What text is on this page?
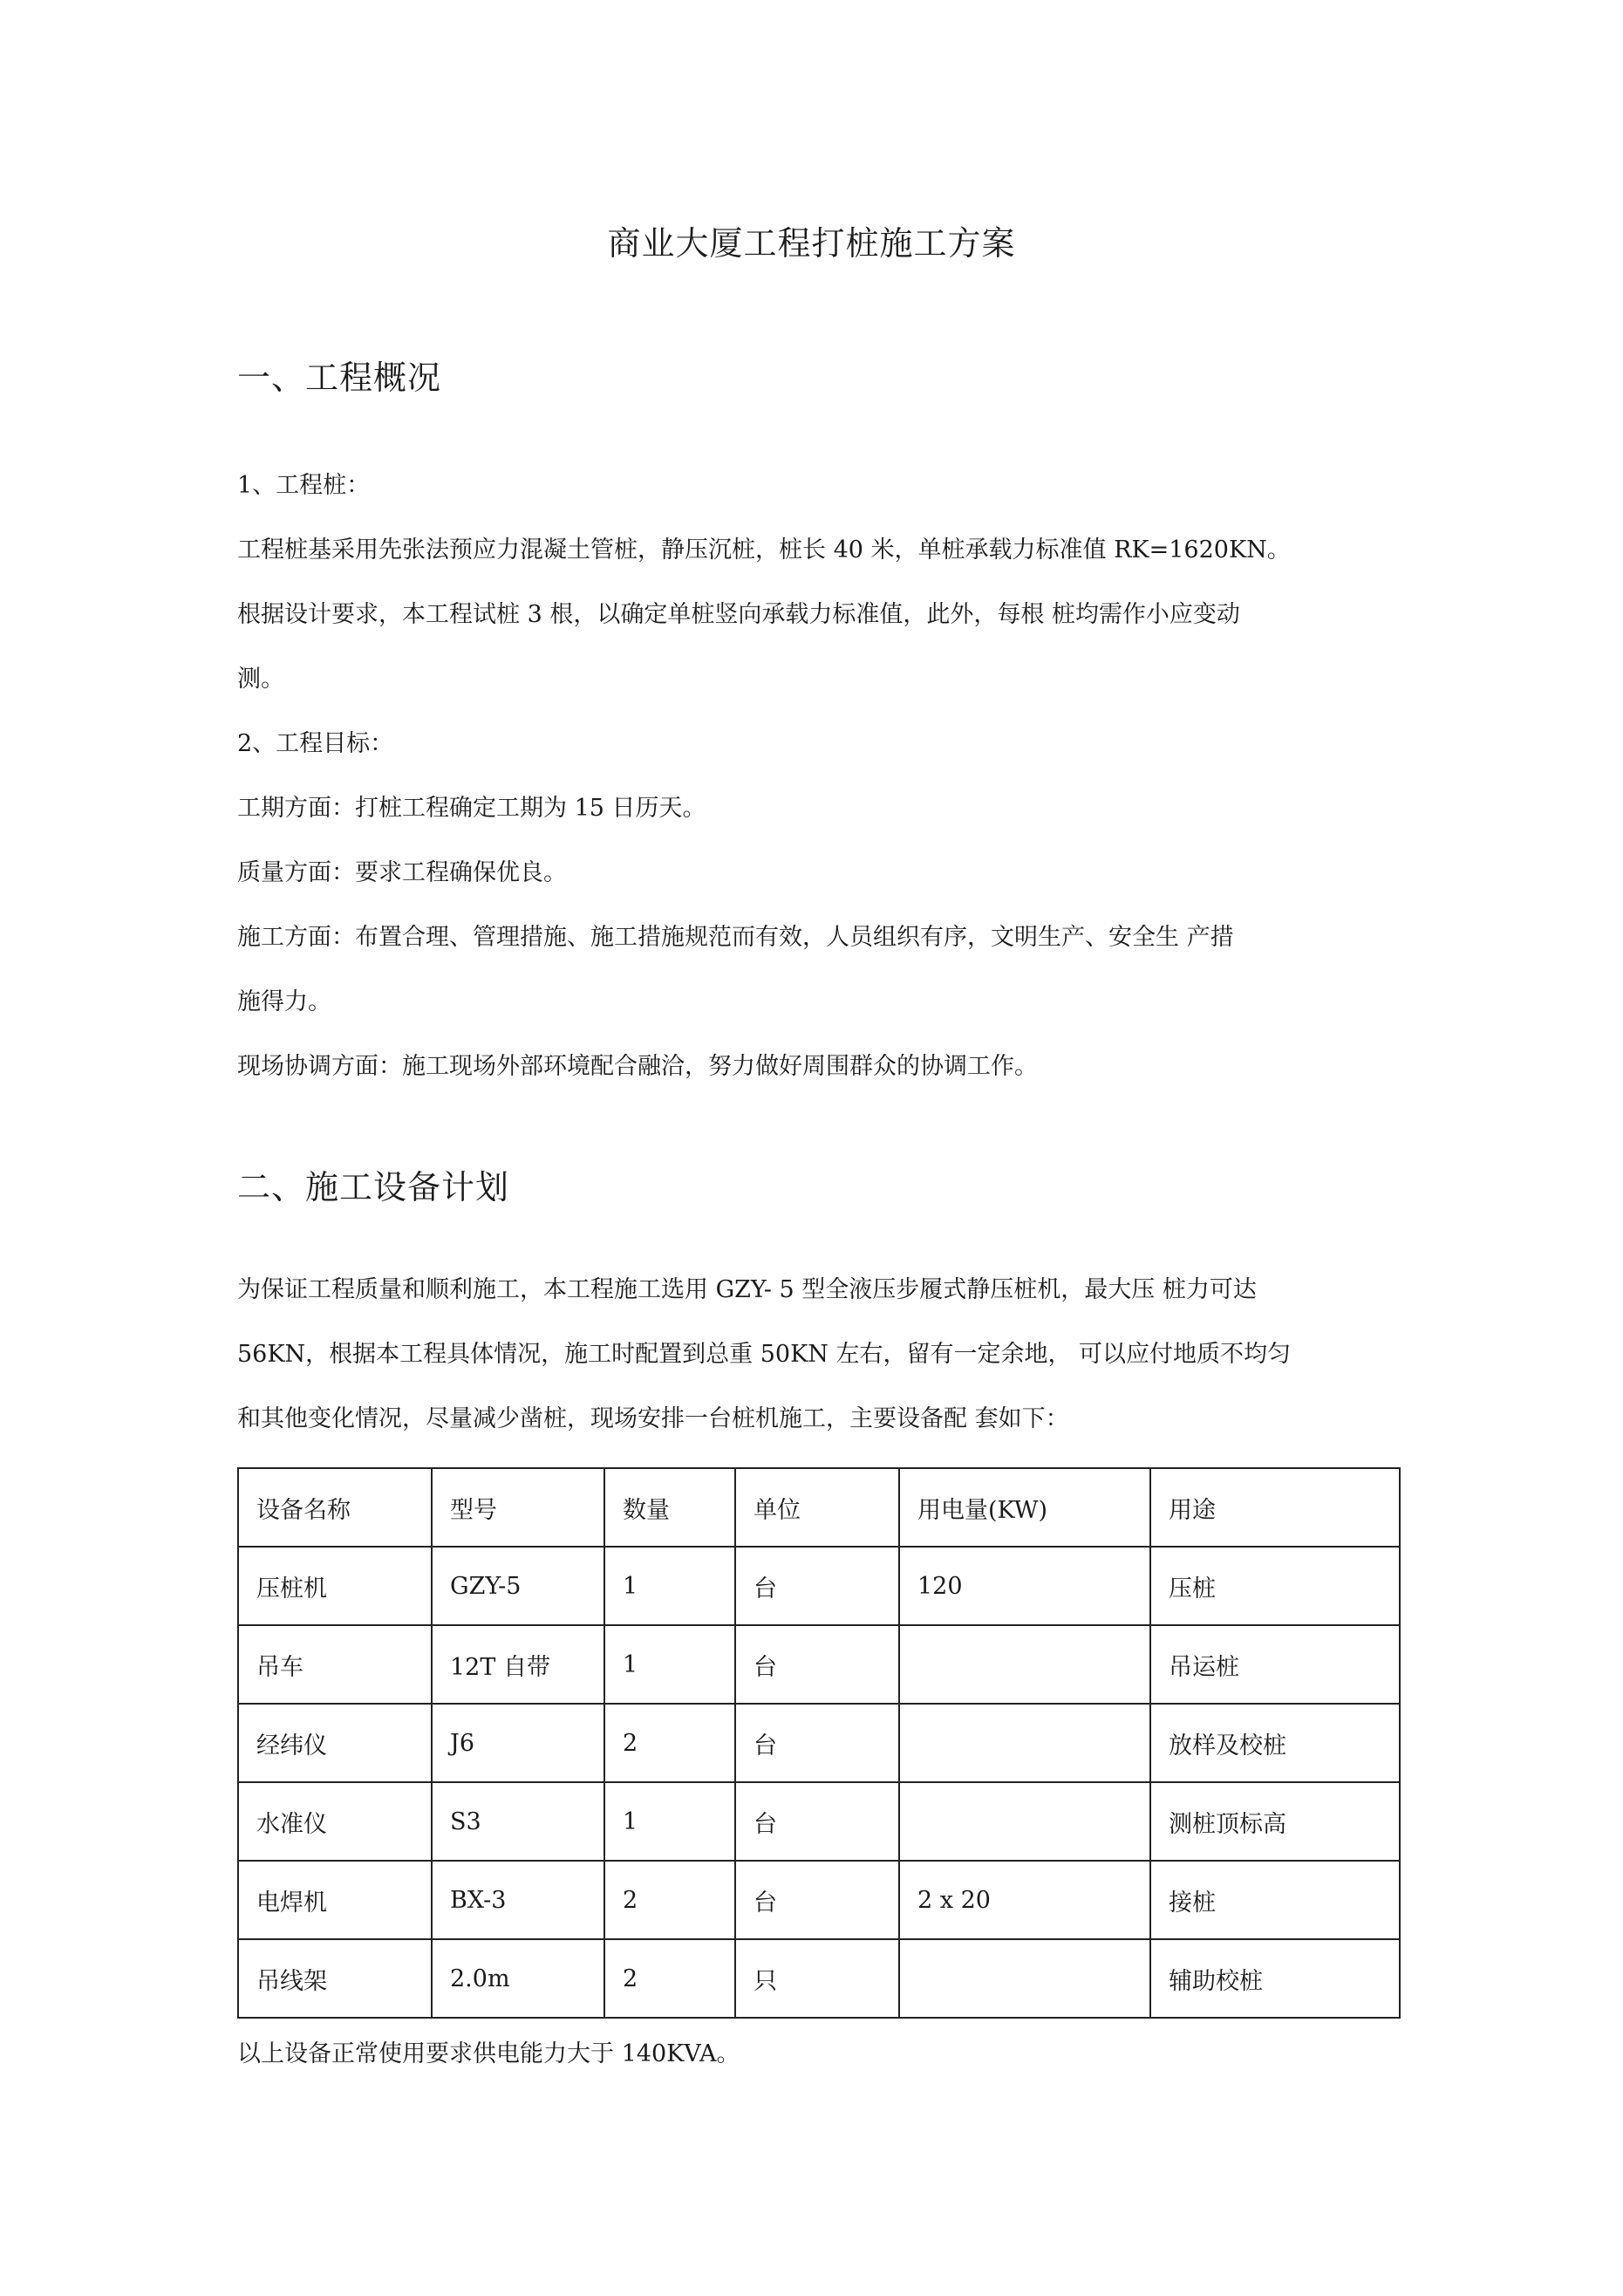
商业大厦工程打桩施工方案
一、工程概况
1、工程桩：
工程桩基采用先张法预应力混凝土管桩，静压沉桩，桩长 40 米，单桩承载力标准值 RK=1620KN。
根据设计要求，本工程试桩 3 根，以确定单桩竖向承载力标准值，此外，每根 桩均需作小应变动
测。
2、工程目标：
工期方面：打桩工程确定工期为 15 日历天。
质量方面：要求工程确保优良。
施工方面：布置合理、管理措施、施工措施规范而有效，人员组织有序，文明生产、安全生 产措
施得力。
现场协调方面：施工现场外部环境配合融洽，努力做好周围群众的协调工作。
二、施工设备计划
为保证工程质量和顺利施工，本工程施工选用 GZY- 5 型全液压步履式静压桩机，最大压 桩力可达
56KN，根据本工程具体情况，施工时配置到总重 50KN 左右，留有一定余地， 可以应付地质不均匀
和其他变化情况，尽量减少凿桩，现场安排一台桩机施工，主要设备配 套如下：
设备名称	型号	数量	单位	用电量(KW)	用途
压桩机	GZY-5	1	台	120	压桩
吊车	12T 自带	1	台		吊运桩
经纬仪	J6	2	台		放样及校桩
水准仪	S3	1	台		测桩顶标高
电焊机	BX-3	2	台	2 x 20	接桩
吊线架	2.0m	2	只		辅助校桩
以上设备正常使用要求供电能力大于 140KVA。
